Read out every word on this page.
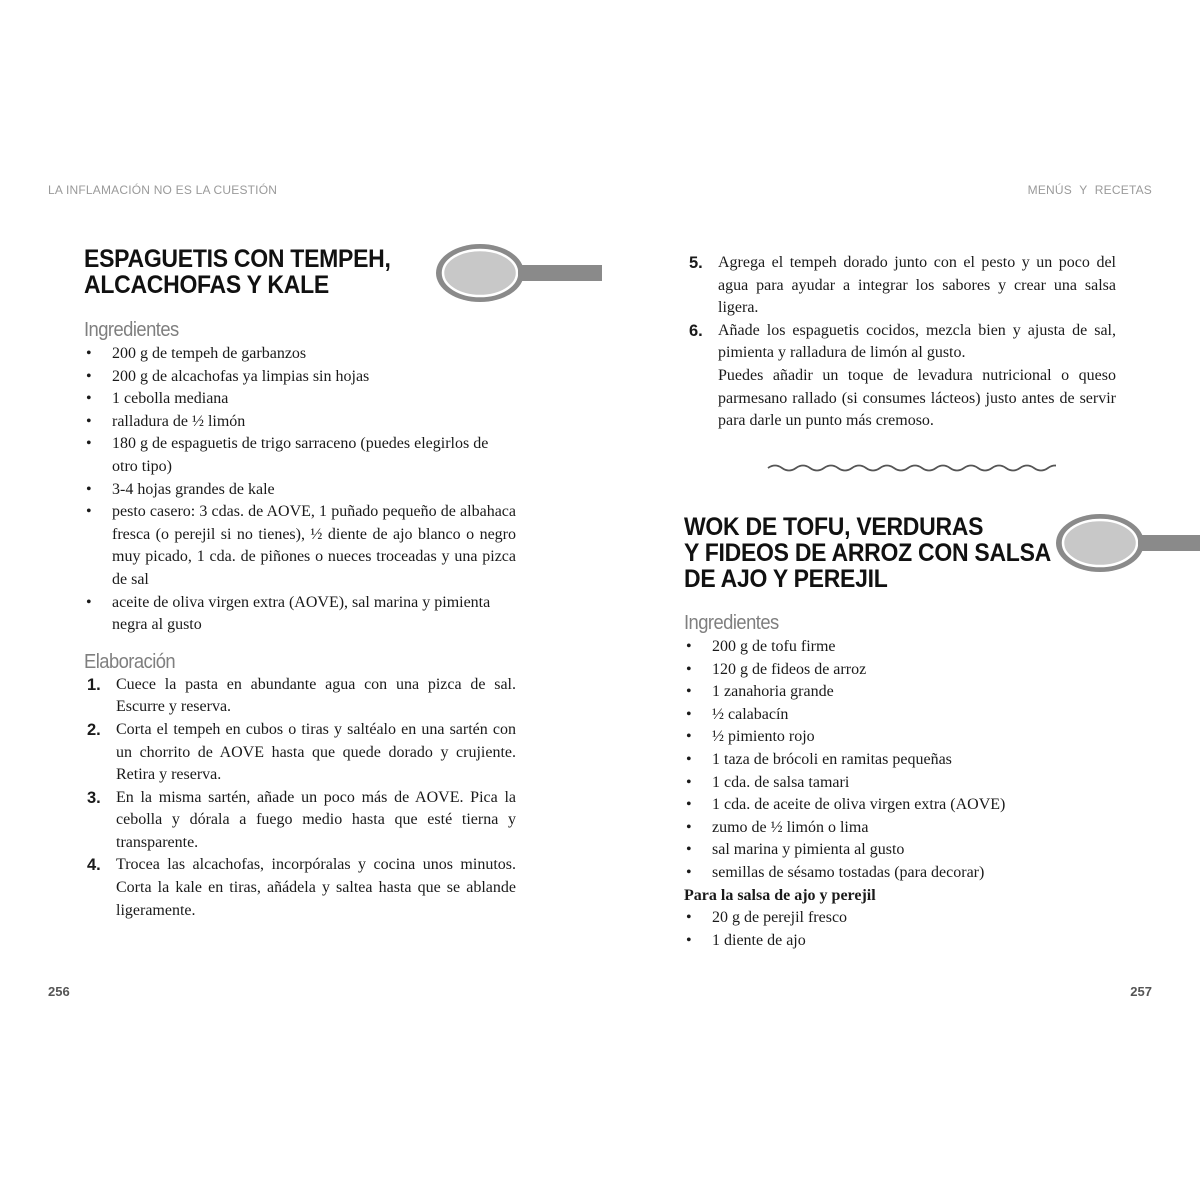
LA INFLAMACIÓN NO ES LA CUESTIÓN	MENÚS Y RECETAS
ESPAGUETIS CON TEMPEH,
ALCACHOFAS Y KALE
Ingredientes
• 200 g de tempeh de garbanzos
• 200 g de alcachofas ya limpias sin hojas
• 1 cebolla mediana
• ralladura de ½ limón
• 180 g de espaguetis de trigo sarraceno (puedes elegirlos de otro tipo)
• 3-4 hojas grandes de kale
• pesto casero: 3 cdas. de AOVE, 1 puñado pequeño de albahaca fresca (o perejil si no tienes), ½ diente de ajo blanco o negro muy picado, 1 cda. de piñones o nueces troceadas y una pizca de sal
• aceite de oliva virgen extra (AOVE), sal marina y pimienta negra al gusto
Elaboración
1. Cuece la pasta en abundante agua con una pizca de sal. Escurre y reserva.
2. Corta el tempeh en cubos o tiras y saltéalo en una sartén con un chorrito de AOVE hasta que quede dorado y crujiente. Retira y reserva.
3. En la misma sartén, añade un poco más de AOVE. Pica la cebolla y dórala a fuego medio hasta que esté tierna y transparente.
4. Trocea las alcachofas, incorpóralas y cocina unos minutos. Corta la kale en tiras, añádela y saltea hasta que se ablande ligeramente.
5. Agrega el tempeh dorado junto con el pesto y un poco del agua para ayudar a integrar los sabores y crear una salsa ligera.
6. Añade los espaguetis cocidos, mezcla bien y ajusta de sal, pimienta y ralladura de limón al gusto.
Puedes añadir un toque de levadura nutricional o queso parmesano rallado (si consumes lácteos) justo antes de servir para darle un punto más cremoso.
WOK DE TOFU, VERDURAS
Y FIDEOS DE ARROZ CON SALSA
DE AJO Y PEREJIL
Ingredientes
• 200 g de tofu firme
• 120 g de fideos de arroz
• 1 zanahoria grande
• ½ calabacín
• ½ pimiento rojo
• 1 taza de brócoli en ramitas pequeñas
• 1 cda. de salsa tamari
• 1 cda. de aceite de oliva virgen extra (AOVE)
• zumo de ½ limón o lima
• sal marina y pimienta al gusto
• semillas de sésamo tostadas (para decorar)
Para la salsa de ajo y perejil
• 20 g de perejil fresco
• 1 diente de ajo
256	257
